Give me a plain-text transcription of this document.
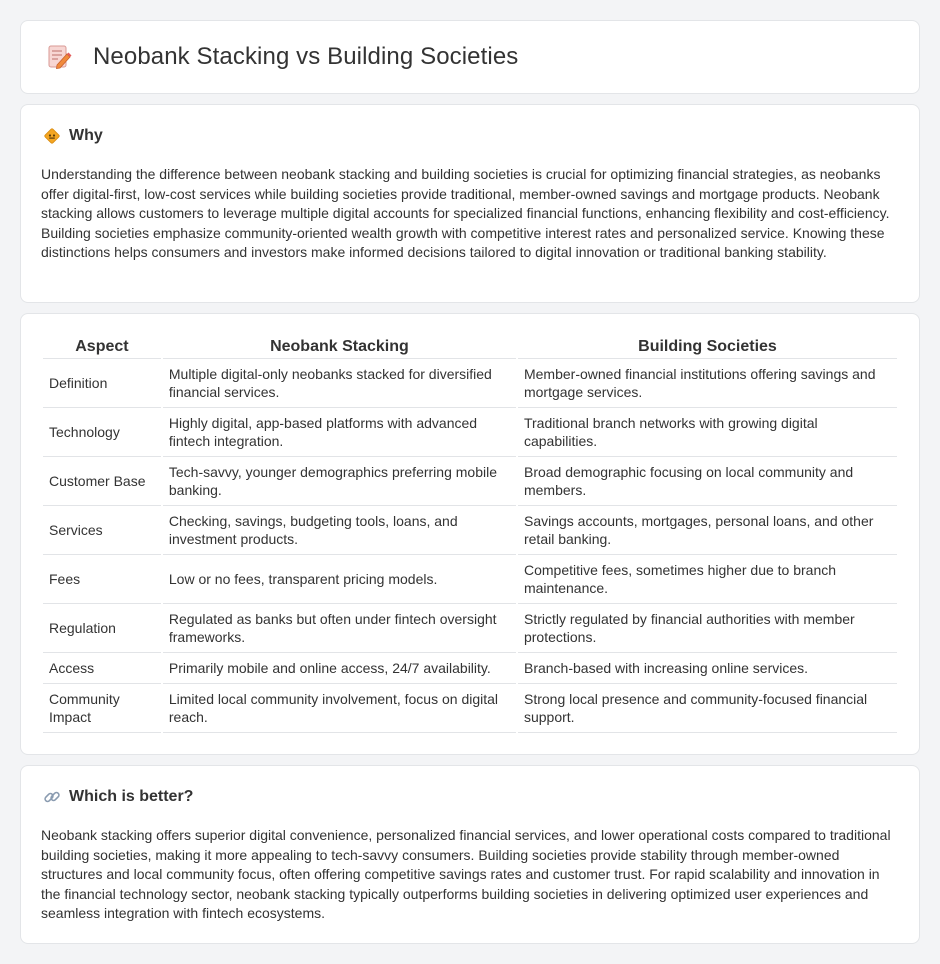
Neobank Stacking vs Building Societies
Why

Understanding the difference between neobank stacking and building societies is crucial for optimizing financial strategies, as neobanks offer digital-first, low-cost services while building societies provide traditional, member-owned savings and mortgage products. Neobank stacking allows customers to leverage multiple digital accounts for specialized financial functions, enhancing flexibility and cost-efficiency. Building societies emphasize community-oriented wealth growth with competitive interest rates and personalized service. Knowing these distinctions helps consumers and investors make informed decisions tailored to digital innovation or traditional banking stability.

Aspect	Neobank Stacking	Building Societies
Definition	Multiple digital-only neobanks stacked for diversified financial services.	Member-owned financial institutions offering savings and mortgage services.
Technology	Highly digital, app-based platforms with advanced fintech integration.	Traditional branch networks with growing digital capabilities.
Customer Base	Tech-savvy, younger demographics preferring mobile banking.	Broad demographic focusing on local community and members.
Services	Checking, savings, budgeting tools, loans, and investment products.	Savings accounts, mortgages, personal loans, and other retail banking.
Fees	Low or no fees, transparent pricing models.	Competitive fees, sometimes higher due to branch maintenance.
Regulation	Regulated as banks but often under fintech oversight frameworks.	Strictly regulated by financial authorities with member protections.
Access	Primarily mobile and online access, 24/7 availability.	Branch-based with increasing online services.
Community Impact	Limited local community involvement, focus on digital reach.	Strong local presence and community-focused financial support.
Which is better?

Neobank stacking offers superior digital convenience, personalized financial services, and lower operational costs compared to traditional building societies, making it more appealing to tech-savvy consumers. Building societies provide stability through member-owned structures and local community focus, often offering competitive savings rates and customer trust. For rapid scalability and innovation in the financial technology sector, neobank stacking typically outperforms building societies in delivering optimized user experiences and seamless integration with fintech ecosystems.
